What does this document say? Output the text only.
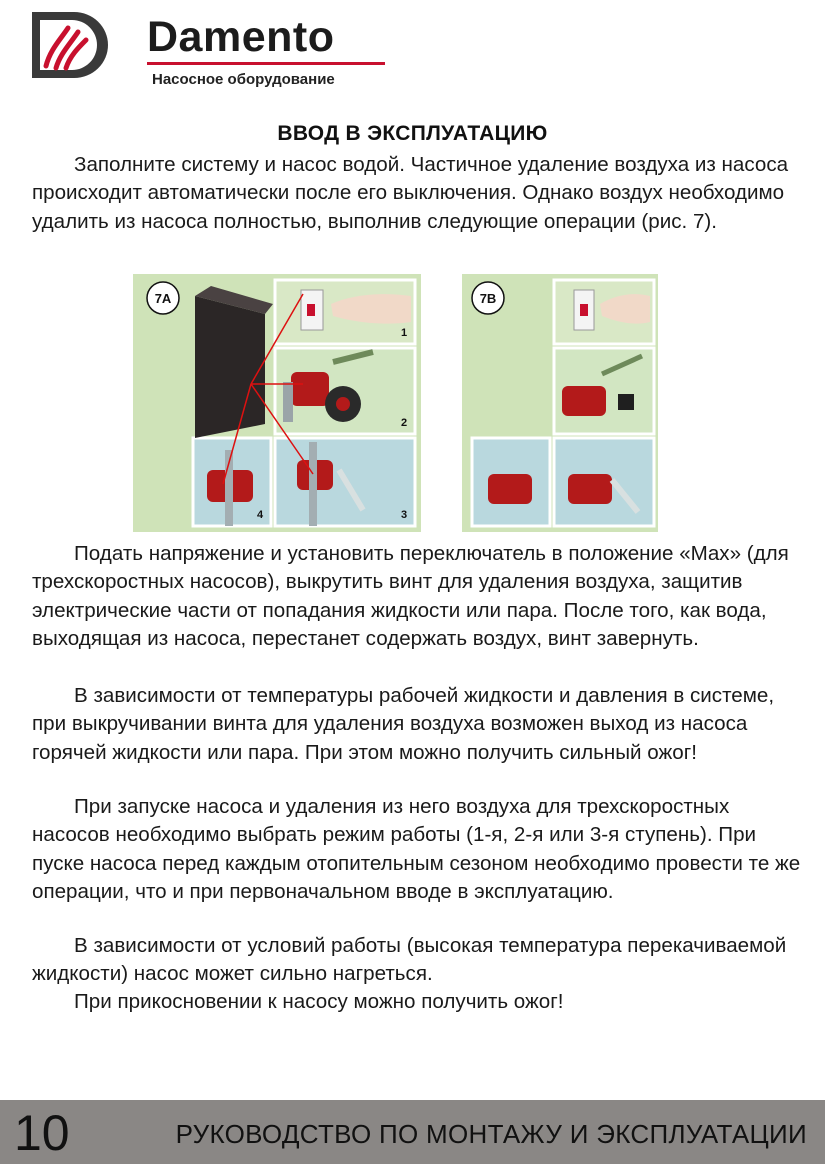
Damento
Насосное оборудование
ВВОД В ЭКСПЛУАТАЦИЮ

Заполните систему и насос водой. Частичное удаление воздуха из насоса происходит автоматически после его выключения. Однако воздух необходимо удалить из насоса полностью, выполнив следующие операции (рис. 7).

7A
1
2
3
4
7B

Подать напряжение и установить переключатель в положение «Max» (для трехскоростных насосов), выкрутить винт для удаления воздуха, защитив электрические части от попадания жидкости или пара. После того, как вода, выходящая из насоса, перестанет содержать воздух, винт завернуть.

В зависимости от температуры рабочей жидкости и давления в системе, при выкручивании винта для удаления воздуха возможен выход из насоса горячей жидкости или пара. При этом можно получить сильный ожог!

При запуске насоса и удаления из него воздуха для трехскоростных насосов необходимо выбрать режим работы (1-я, 2-я или 3-я ступень). При пуске насоса перед каждым отопительным сезоном необходимо провести те же операции, что и при первоначальном вводе в эксплуатацию.

В зависимости от условий работы (высокая температура перекачиваемой жидкости) насос может сильно нагреться.

При прикосновении к насосу можно получить ожог!

10	РУКОВОДСТВО ПО МОНТАЖУ И ЭКСПЛУАТАЦИИ
